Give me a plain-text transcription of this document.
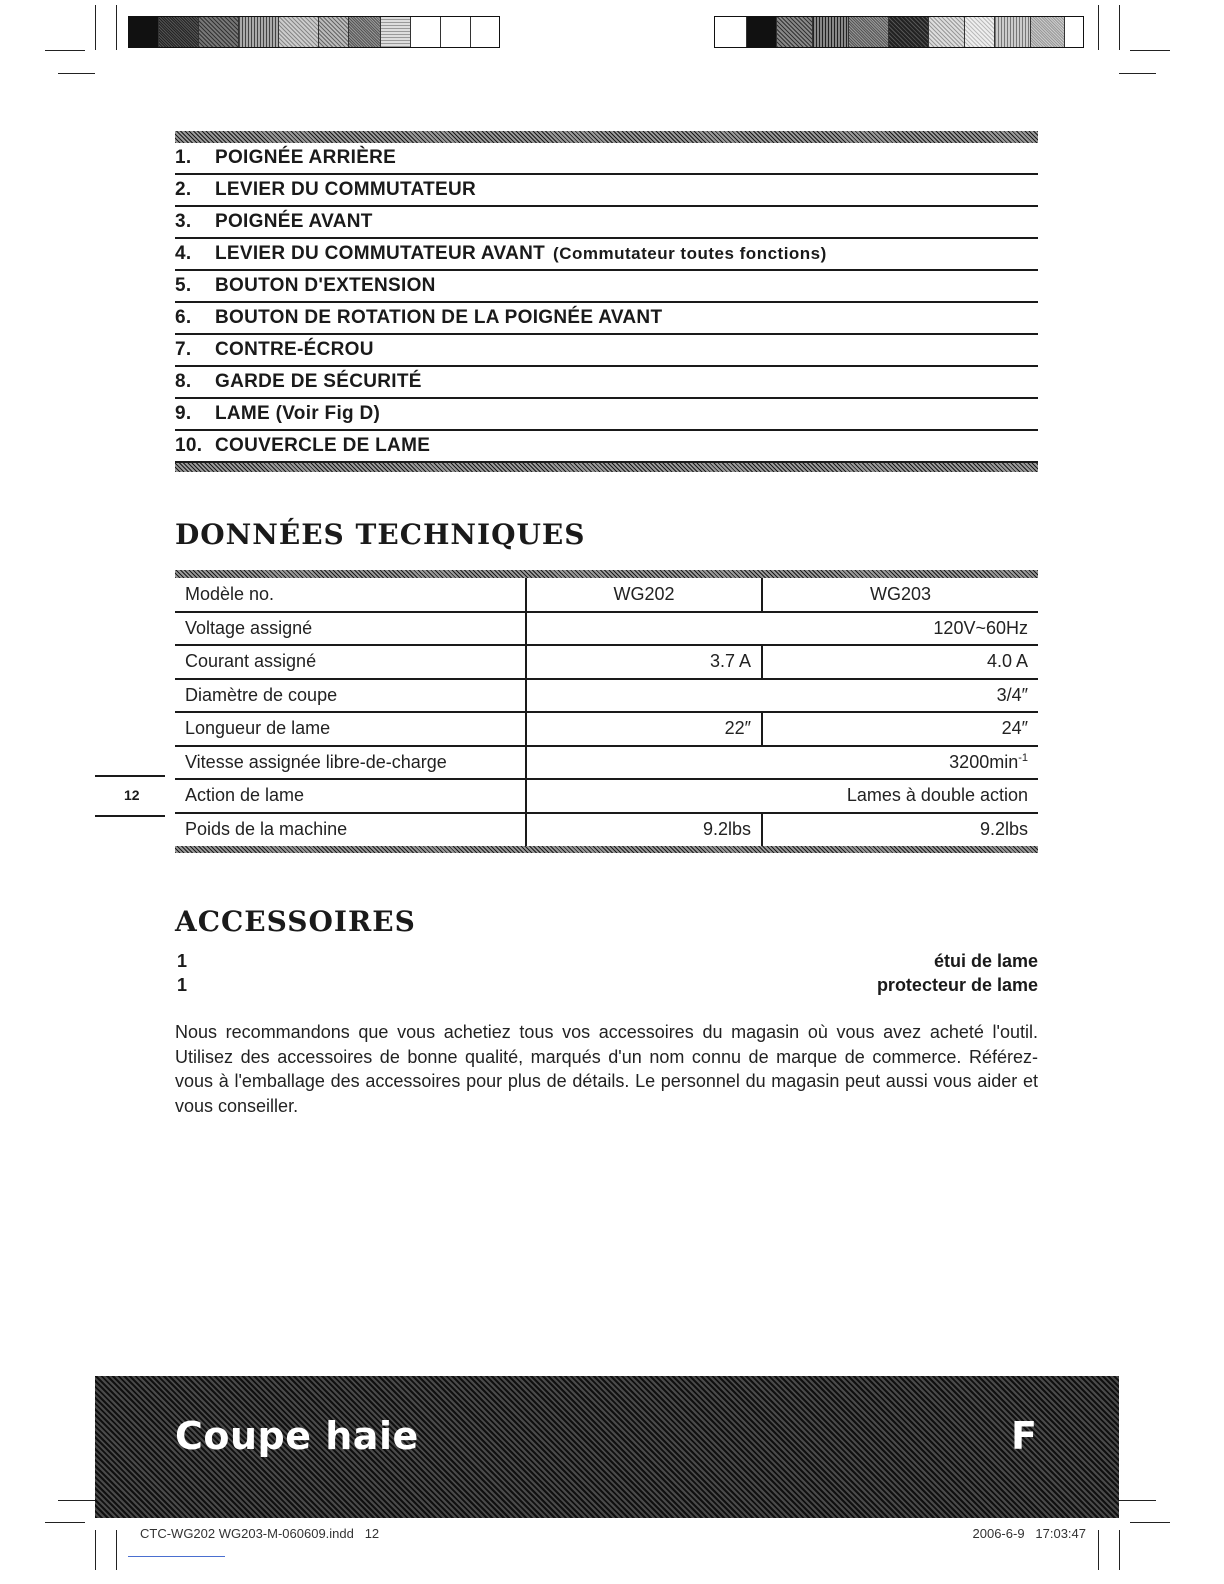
1.	POIGNÉE ARRIÈRE
2.	LEVIER DU COMMUTATEUR
3.	POIGNÉE AVANT
4.	LEVIER DU COMMUTATEUR AVANT (Commutateur toutes fonctions)
5.	BOUTON D'EXTENSION
6.	BOUTON DE ROTATION DE LA POIGNÉE AVANT
7.	CONTRE-ÉCROU
8.	GARDE DE SÉCURITÉ
9.	LAME (Voir Fig D)
10. COUVERCLE DE LAME
DONNÉES TECHNIQUES
Modèle no.	WG202	WG203
Voltage assigné	120V~60Hz	
Courant assigné	3.7 A	4.0 A
Diamètre de coupe	3/4″	
Longueur de lame	22″	24″
Vitesse assignée libre-de-charge	$3200\min^{-1}$
Action de lame	Lames à double action	
Poids de la machine	9.2lbs	9.2lbs
12
ACCESSOIRES
1	étui de lame
1	protecteur de lame

Nous recommandons que vous achetiez tous vos accessoires du magasin où vous avez acheté l'outil. Utilisez des accessoires de bonne qualité, marqués d'un nom connu de marque de commerce. Référez-vous à l'emballage des accessoires pour plus de détails. Le personnel du magasin peut aussi vous aider et vous conseiller.

Coupe haie	F
CTC-WG202 WG203-M-060609.indd   12	2006-6-9   17:03:47
